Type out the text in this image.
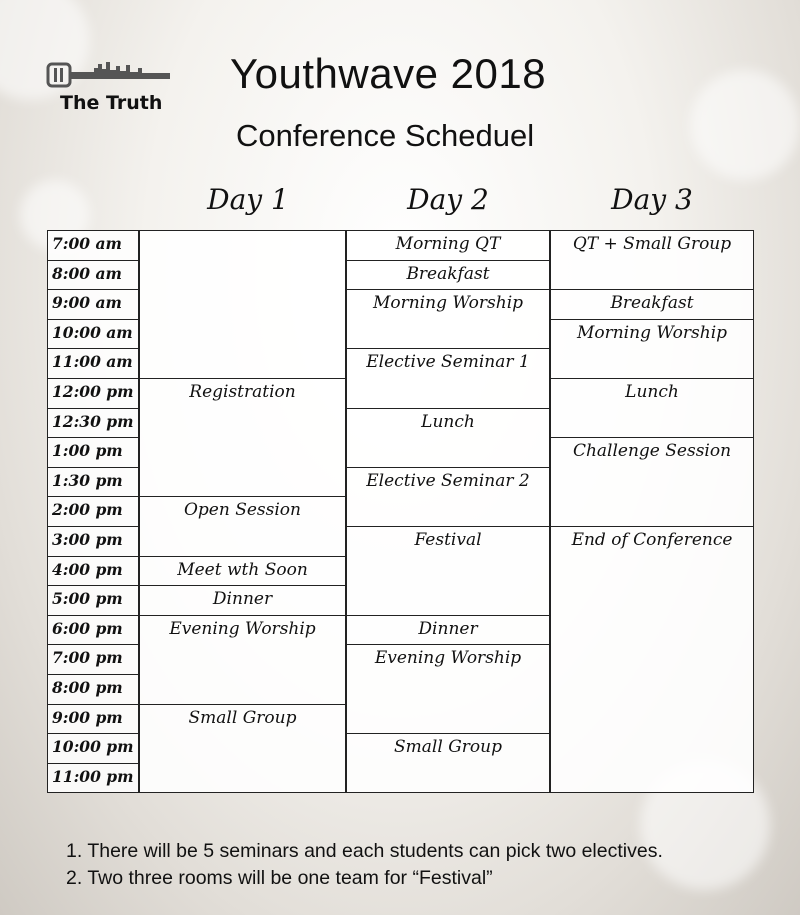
The Truth
Youthwave 2018
Conference Scheduel
Day 1	Day 2	Day 3
7:00 am
8:00 am
9:00 am
10:00 am
11:00 am
12:00 pm
12:30 pm
1:00 pm
1:30 pm
2:00 pm
3:00 pm
4:00 pm
5:00 pm
6:00 pm
7:00 pm
8:00 pm
9:00 pm
10:00 pm
11:00 pm
Registration
Open Session
Meet wth Soon
Dinner
Evening Worship
Small Group
Morning QT
Breakfast
Morning Worship
Elective Seminar 1
Lunch
Elective Seminar 2
Festival
Dinner
Evening Worship
Small Group
QT + Small Group
Breakfast
Morning Worship
Lunch
Challenge Session
End of Conference
1. There will be 5 seminars and each students can pick two electives.
2. Two three rooms will be one team for “Festival”
